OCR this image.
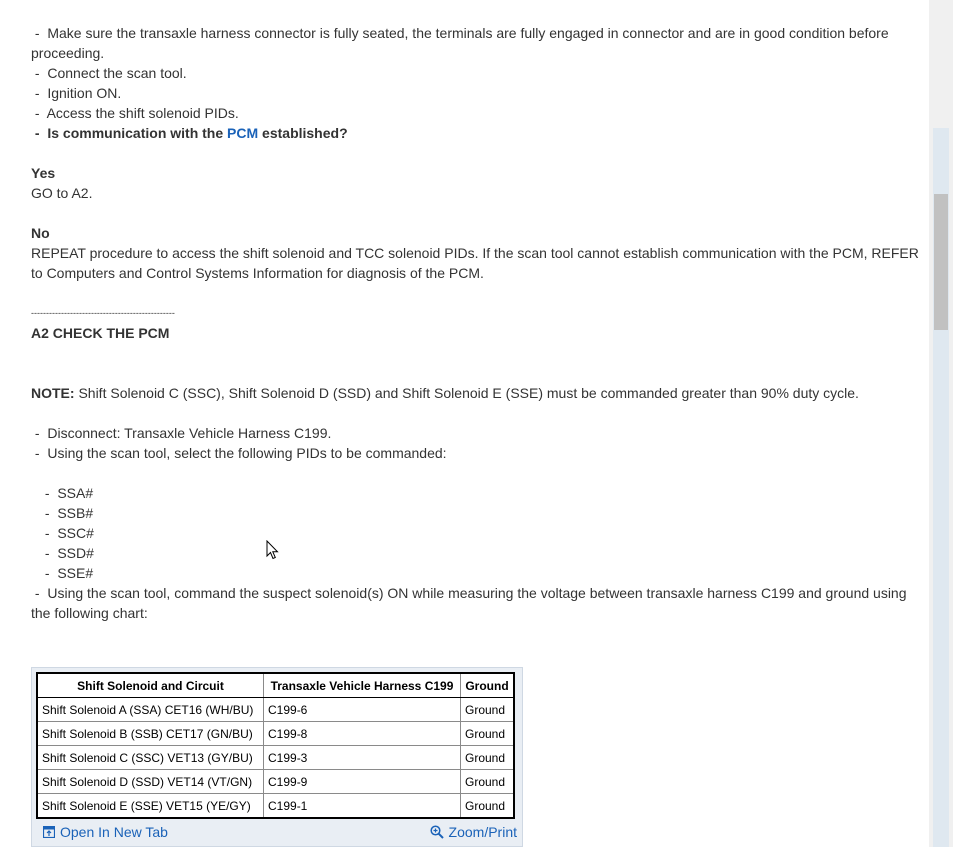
-  Make sure the transaxle harness connector is fully seated, the terminals are fully engaged in connector and are in good condition before proceeding.
-  Connect the scan tool.
-  Ignition ON.
-  Access the shift solenoid PIDs.
-  Is communication with the PCM established?
Yes
GO to A2.
No
REPEAT procedure to access the shift solenoid and TCC solenoid PIDs. If the scan tool cannot establish communication with the PCM, REFER to Computers and Control Systems Information for diagnosis of the PCM.
------------------------------------------------
A2 CHECK THE PCM
NOTE: Shift Solenoid C (SSC), Shift Solenoid D (SSD) and Shift Solenoid E (SSE) must be commanded greater than 90% duty cycle.
-  Disconnect: Transaxle Vehicle Harness C199.
-  Using the scan tool, select the following PIDs to be commanded:
-  SSA#
-  SSB#
-  SSC#
-  SSD#
-  SSE#
-  Using the scan tool, command the suspect solenoid(s) ON while measuring the voltage between transaxle harness C199 and ground using the following chart:
Shift Solenoid and Circuit	Transaxle Vehicle Harness C199	Ground
Shift Solenoid A (SSA) CET16 (WH/BU)	C199-6	Ground
Shift Solenoid B (SSB) CET17 (GN/BU)	C199-8	Ground
Shift Solenoid C (SSC) VET13 (GY/BU)	C199-3	Ground
Shift Solenoid D (SSD) VET14 (VT/GN)	C199-9	Ground
Shift Solenoid E (SSE) VET15 (YE/GY)	C199-1	Ground
Open In New Tab	Zoom/Print
